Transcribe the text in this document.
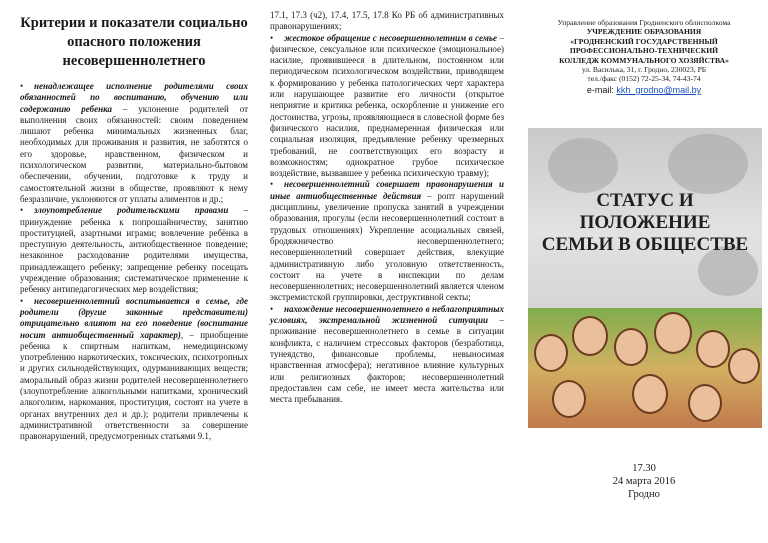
Критерии и показатели социально опасного положения несовершеннолетнего

• ненадлежащее исполнение родителями своих обязанностей по воспитанию, обучению или содержанию ребенка – уклонение родителей от выполнения своих обязанностей: своим поведением лишают ребенка минимальных жизненных благ, необходимых для проживания и развития, не заботятся о его здоровье, нравственном, физическом и психологическом развитии, материально-бытовом обеспечении, обучении, подготовке к труду и самостоятельной жизни в обществе, проявляют к нему безразличие, уклоняются от уплаты алиментов и др.;

• злоупотребление родительскими правами – принуждение ребенка к попрошайничеству, занятию проституцией, азартными играми; вовлечение ребёнка в преступную деятельность, антиобщественное поведение; незаконное расходование родителями имущества, принадлежащего ребенку; запрещение ребенку посещать учреждение образования; систематическое применение к ребенку антипедагогических мер воздействия;

• несовершеннолетний воспитывается в семье, где родители (другие законные представители) отрицательно влияют на его поведение (воспитание носит антиобщественный характер), – приобщение ребенка к спиртным напиткам, немедицинскому употреблению наркотических, токсических, психотропных и других сильнодействующих, одурманивающих веществ; аморальный образ жизни родителей несовершеннолетнего (злоупотребление алкогольными напитками, хронический алкоголизм, наркомания, проституция, состоят на учете в органах внутренних дел и др.); родители привлечены к административной ответственности за совершение правонарушений, предусмотренных статьями 9.1,

17.1, 17.3 (ч2), 17.4, 17.5, 17.8 Ко РБ об административных правонарушениях;

• жестокое обращение с несовершеннолетним в семье – физическое, сексуальное или психическое (эмоциональное) насилие, проявившееся в длительном, постоянном или периодическом психологическом воздействии, приводящем к формированию у ребенка патологических черт характера или нарушающее развитие его личности (открытое неприятие и критика ребенка, оскорбление и унижение его достоинства, угрозы, проявляющиеся в словесной форме без физического насилия, преднамеренная физическая или социальная изоляция, предъявление ребенку чрезмерных требований, не соответствующих его возрасту и возможностям; однократное грубое психическое воздействие, вызвавшее у ребенка психическую травму);

• несовершеннолетний совершает правонарушения и иные антиобщественные действия – ропт нарушений дисциплины, увеличение пропуска занятий в учреждении образования, прогулы (если несовершеннолетний состоит в трудовых отношениях) Укрепление асоциальных связей, бродяжничество несовершеннолетнего; несовершеннолетний совершает действия, влекущие административную либо уголовную ответственность, состоит на учете в инспекции по делам несовершеннолетних; несовершеннолетний является членом экстремистской группировки, деструктивной секты;

• нахождение несовершеннолетнего в неблагоприятных условиях, экстремальной жизненной ситуации – проживание несовершеннолетнего в семье в ситуации конфликта, с наличием стрессовых факторов (безработица, тунеядство, финансовые проблемы, невыносимая нравственная атмосфера); негативное влияние культурных или религиозных факторов; несовершеннолетний предоставлен сам себе, не имеет места жительства или места пребывания.

Управление образования Гродненского облисполкома
УЧРЕЖДЕНИЕ ОБРАЗОВАНИЯ
«ГРОДНЕНСКИЙ ГОСУДАРСТВЕННЫЙ
ПРОФЕССИОНАЛЬНО-ТЕХНИЧЕСКИЙ
КОЛЛЕДЖ КОММУНАЛЬНОГО ХОЗЯЙСТВА»
ул. Василька, 31, г. Гродно, 230023, РБ
тел./факс (0152) 72-25-34, 74-43-74
e-mail: kkh_grodno@mail.by
СТАТУС И
ПОЛОЖЕНИЕ
СЕМЬИ В ОБЩЕСТВЕ
17.30
24 марта 2016
Гродно
